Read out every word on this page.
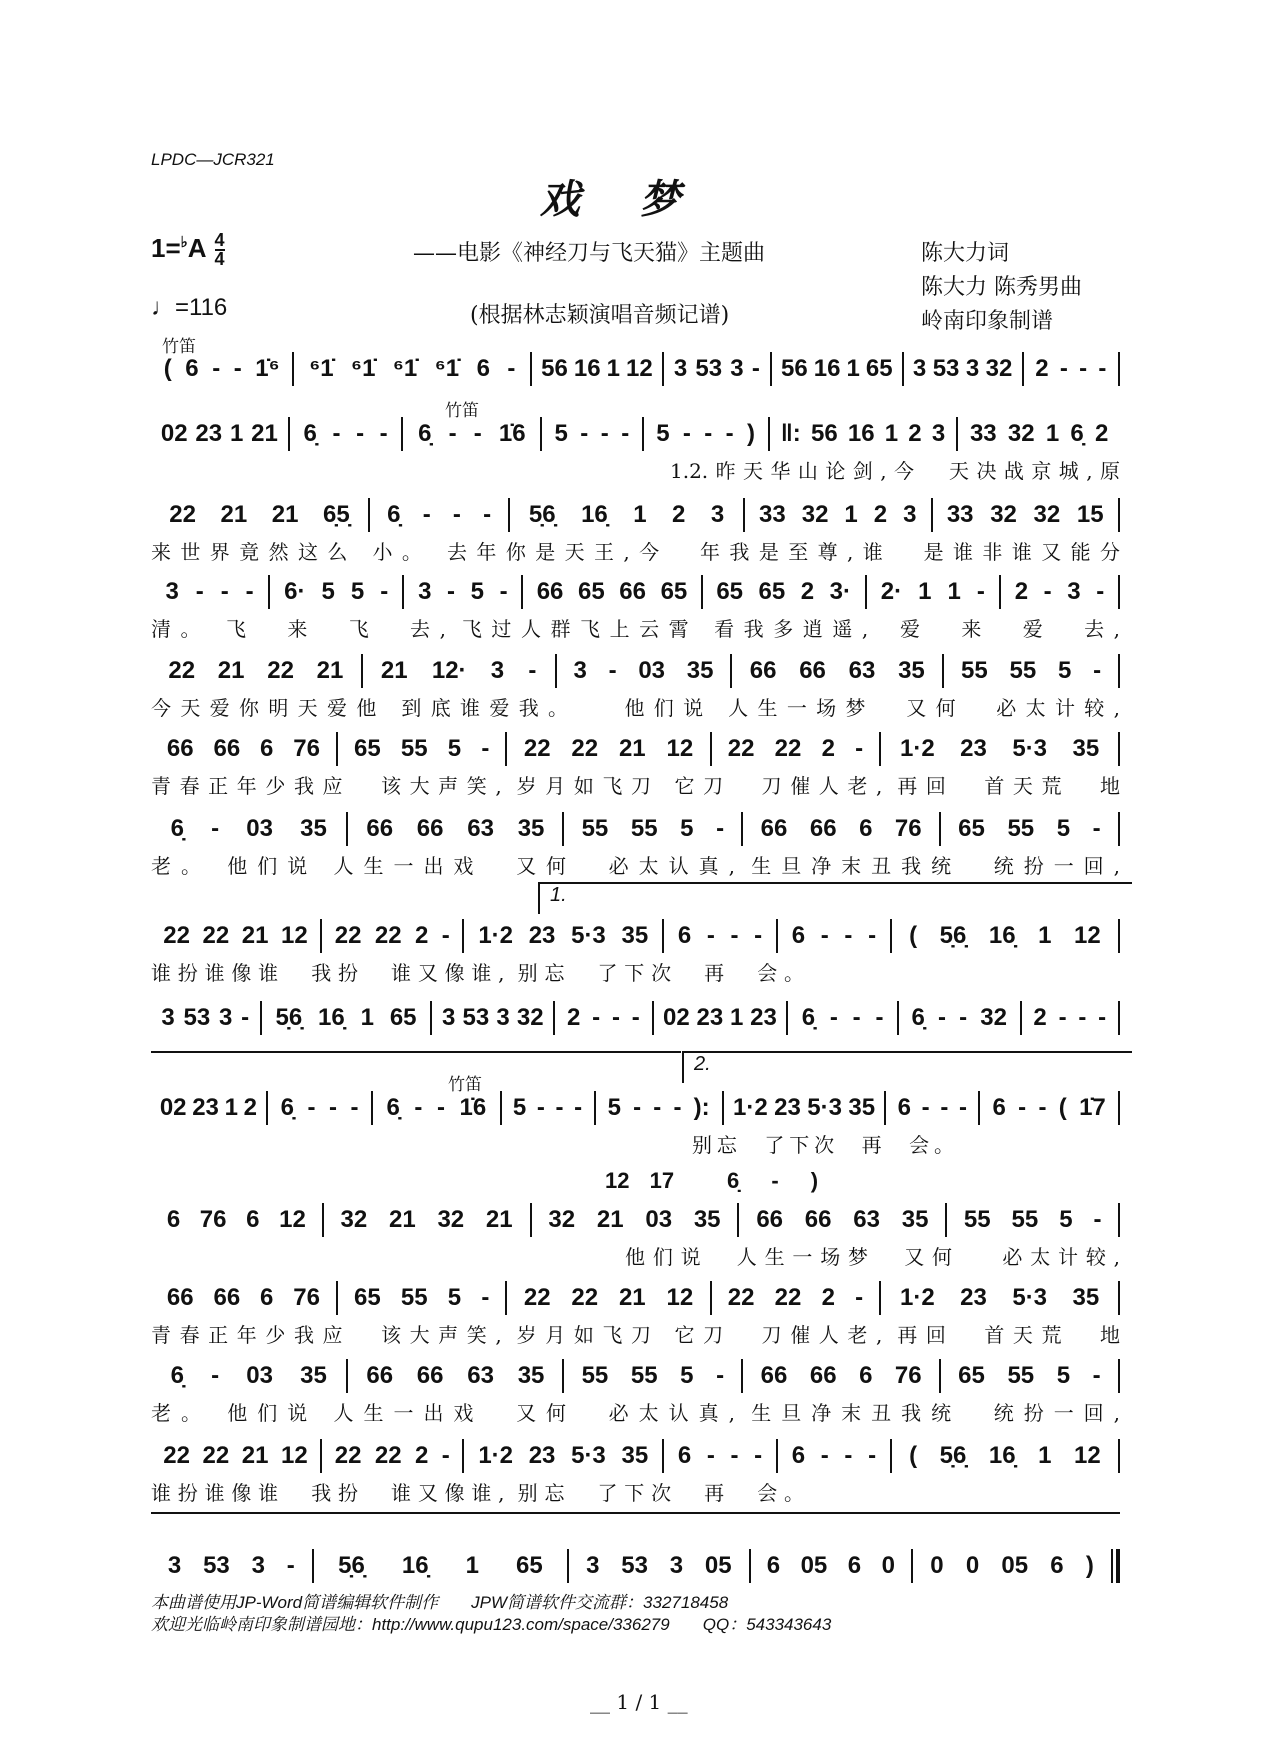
LPDC—JCR321
戏梦
$1=^♭A \frac{4}{4}$
♩=116
——电影《神经刀与飞天猫》主题曲
(根据林志颖演唱音频记谱)
陈大力词
陈大力 陈秀男曲
岭南印象制谱
竹笛
竹笛
竹笛
1.
2.
12 17 6̣ - )
( 6 - - 1̇⁶ ⁶1̇ ⁶1̇ ⁶1̇ ⁶1̇ 6 - 56 16 1 12 3 53 3 - 56 16 1 65 3 53 3 32 2 - - -
02 23 1 21 6̣ - - - 6̣ - - 1̇6 5 - - - 5 - - - ) ‖: 56 16 1 2 3 33 32 1 6̣ 2
1.2.昨天华山论剑,今  天决战京城,原
22 21 21 6̣5̣ 6̣ - - - 5̣6̣ 16̣ 1 2 3 33 32 1 2 3 33 32 32 15
来世界竟然这么 小。 去年你是天王,今  年我是至尊,谁  是谁非谁又能分
3 - - - 6· 5 5 - 3 - 5 - 66 65 66 65 65 65 2 3· 2· 1 1 - 2 - 3 -
清。 飞  来  飞  去, 飞过人群飞上云霄 看我多逍遥,  爱  来  爱  去,
22 21 22 21 21 12· 3 - 3 - 03 35 66 66 63 35 55 55 5 -
今天爱你明天爱他 到底谁爱我。   他们说 人生一场梦  又何  必太计较,
66 66 6 76 65 55 5 - 22 22 21 12 22 22 2 - 1·2 23 5·3 35
青春正年少我应  该大声笑, 岁月如飞刀 它刀  刀催人老, 再回  首天荒  地
6̣ - 03 35 66 66 63 35 55 55 5 - 66 66 6 76 65 55 5 -
老。 他们说 人生一出戏  又何  必太认真, 生旦净末丑我统  统扮一回,
22 22 21 12 22 22 2 - 1·2 23 5·3 35 6 - - - 6 - - - ( 5̣6̣ 16̣ 1 12
谁扮谁像谁  我扮  谁又像谁, 别忘  了下次  再  会。
3 53 3 - 5̣6̣ 16̣ 1 65 3 53 3 32 2 - - - 02 23 1 23 6̣ - - - 6̣ - - 32 2 - - -
02 23 1 2 6̣ - - - 6̣ - - 1̇6 5 - - - 5 - - - ): 1·2 23 5·3 35 6 - - - 6 - - ( 1̇7
别忘  了下次  再  会。
6 76 6 12 32 21 32 21 32 21 03 35 66 66 63 35 55 55 5 -
他们说  人生一场梦  又何   必太计较,
66 66 6 76 65 55 5 - 22 22 21 12 22 22 2 - 1·2 23 5·3 35
青春正年少我应  该大声笑, 岁月如飞刀 它刀  刀催人老, 再回  首天荒  地
6̣ - 03 35 66 66 63 35 55 55 5 - 66 66 6 76 65 55 5 -
老。 他们说 人生一出戏  又何  必太认真, 生旦净末丑我统  统扮一回,
22 22 21 12 22 22 2 - 1·2 23 5·3 35 6 - - - 6 - - - ( 5̣6̣ 16̣ 1 12
谁扮谁像谁  我扮  谁又像谁, 别忘  了下次  再  会。
3 53 3 - 5̣6̣ 16̣ 1 65 3 53 3 05 6 05 6 0 0 0 05 6 )
本曲谱使用JP-Word简谱编辑软件制作       JPW简谱软件交流群：332718458
欢迎光临岭南印象制谱园地：http://www.qupu123.com/space/336279       QQ：543343643
__ 1 / 1 __
